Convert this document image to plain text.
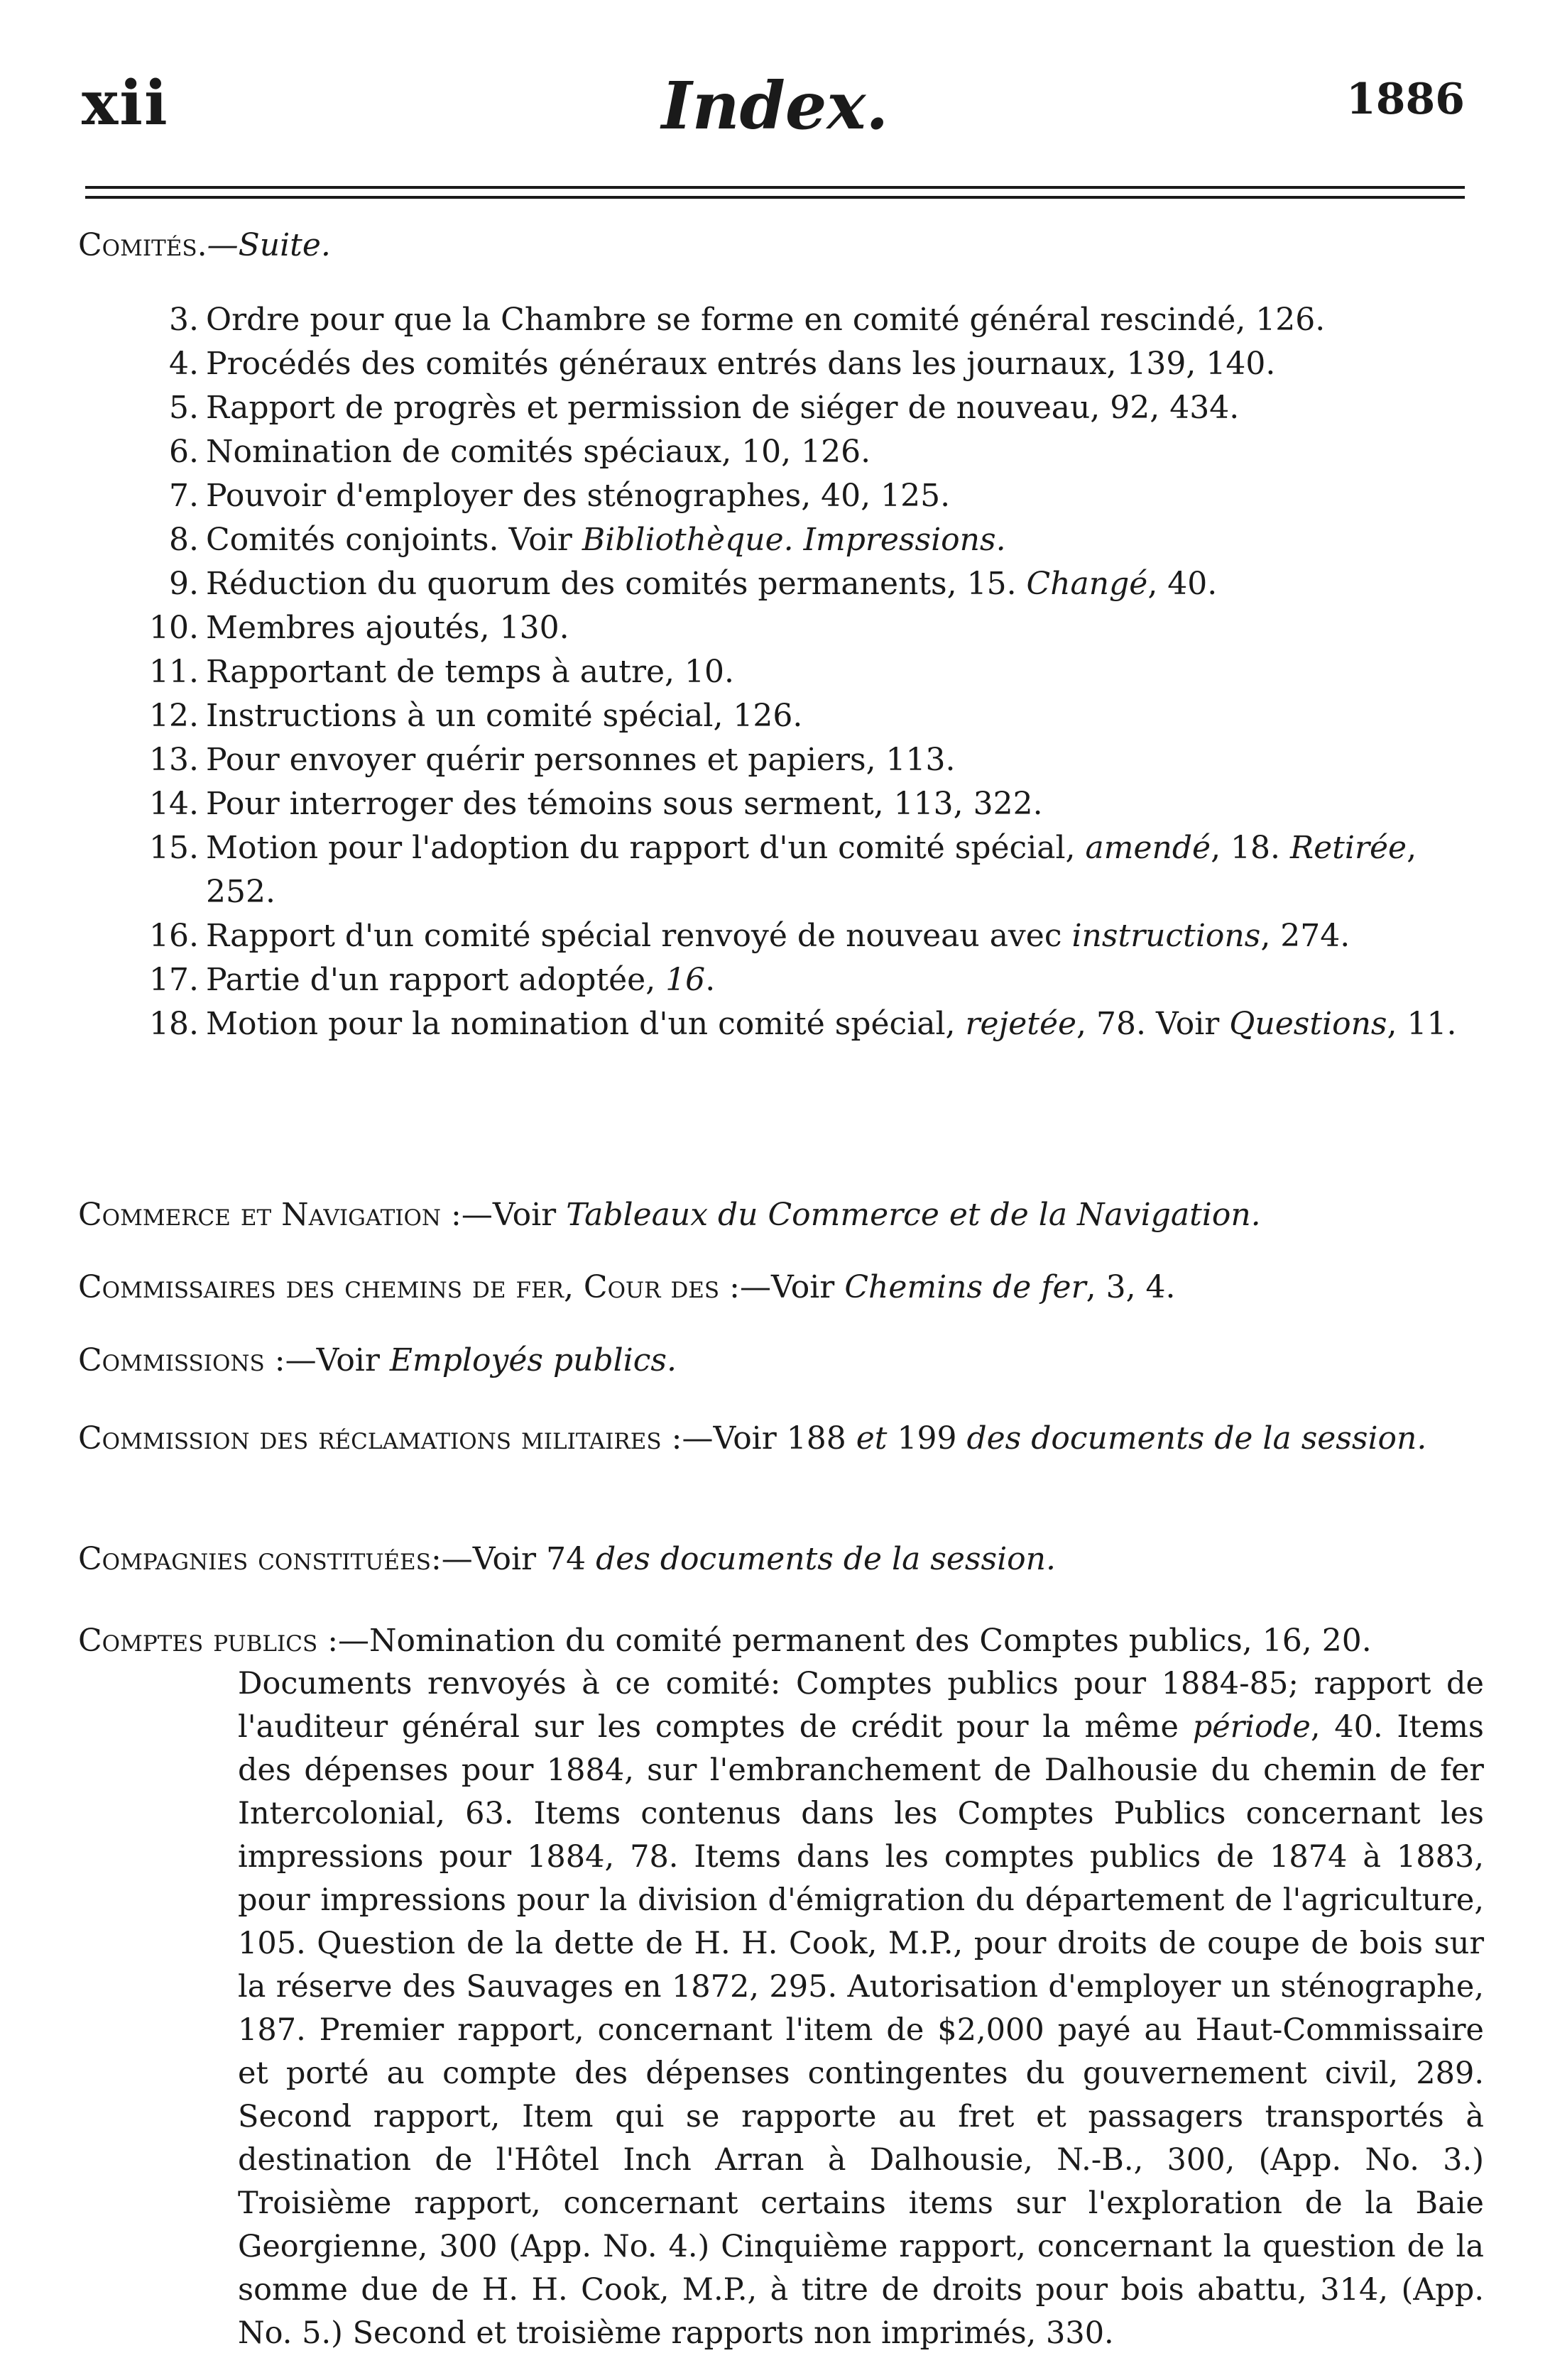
xii	Index.	1886
Comités.—Suite.
3. Ordre pour que la Chambre se forme en comité général rescindé, 126.
4. Procédés des comités généraux entrés dans les journaux, 139, 140.
5. Rapport de progrès et permission de siéger de nouveau, 92, 434.
6. Nomination de comités spéciaux, 10, 126.
7. Pouvoir d'employer des sténographes, 40, 125.
8. Comités conjoints. Voir Bibliothèque. Impressions.
9. Réduction du quorum des comités permanents, 15. Changé, 40.
10. Membres ajoutés, 130.
11. Rapportant de temps à autre, 10.
12. Instructions à un comité spécial, 126.
13. Pour envoyer quérir personnes et papiers, 113.
14. Pour interroger des témoins sous serment, 113, 322.
15. Motion pour l'adoption du rapport d'un comité spécial, amendé, 18. Retirée, 252.
16. Rapport d'un comité spécial renvoyé de nouveau avec instructions, 274.
17. Partie d'un rapport adoptée, 16.
18. Motion pour la nomination d'un comité spécial, rejetée, 78. Voir Questions, 11.
Commerce et Navigation :—Voir Tableaux du Commerce et de la Navigation.
Commissaires des chemins de fer, Cour des :—Voir Chemins de fer, 3, 4.
Commissions :—Voir Employés publics.
Commission des réclamations militaires :—Voir 188 et 199 des documents de la session.
Compagnies constituées:—Voir 74 des documents de la session.
Comptes publics :—Nomination du comité permanent des Comptes publics, 16, 20.
Documents renvoyés à ce comité: Comptes publics pour 1884-85; rapport de l'auditeur général sur les comptes de crédit pour la même période, 40. Items des dépenses pour 1884, sur l'embranchement de Dalhousie du chemin de fer Intercolonial, 63. Items contenus dans les Comptes Publics concernant les impressions pour 1884, 78. Items dans les comptes publics de 1874 à 1883, pour impressions pour la division d'émigration du département de l'agriculture, 105. Question de la dette de H. H. Cook, M.P., pour droits de coupe de bois sur la réserve des Sauvages en 1872, 295. Autorisation d'employer un sténographe, 187. Premier rapport, concernant l'item de $2,000 payé au Haut-Commissaire et porté au compte des dépenses contingentes du gouvernement civil, 289. Second rapport, Item qui se rapporte au fret et passagers transportés à destination de l'Hôtel Inch Arran à Dalhousie, N.-B., 300, (App. No. 3.) Troisième rapport, concernant certains items sur l'exploration de la Baie Georgienne, 300 (App. No. 4.) Cinquième rapport, concernant la question de la somme due de H. H. Cook, M.P., à titre de droits pour bois abattu, 314, (App. No. 5.) Second et troisième rapports non imprimés, 330.
